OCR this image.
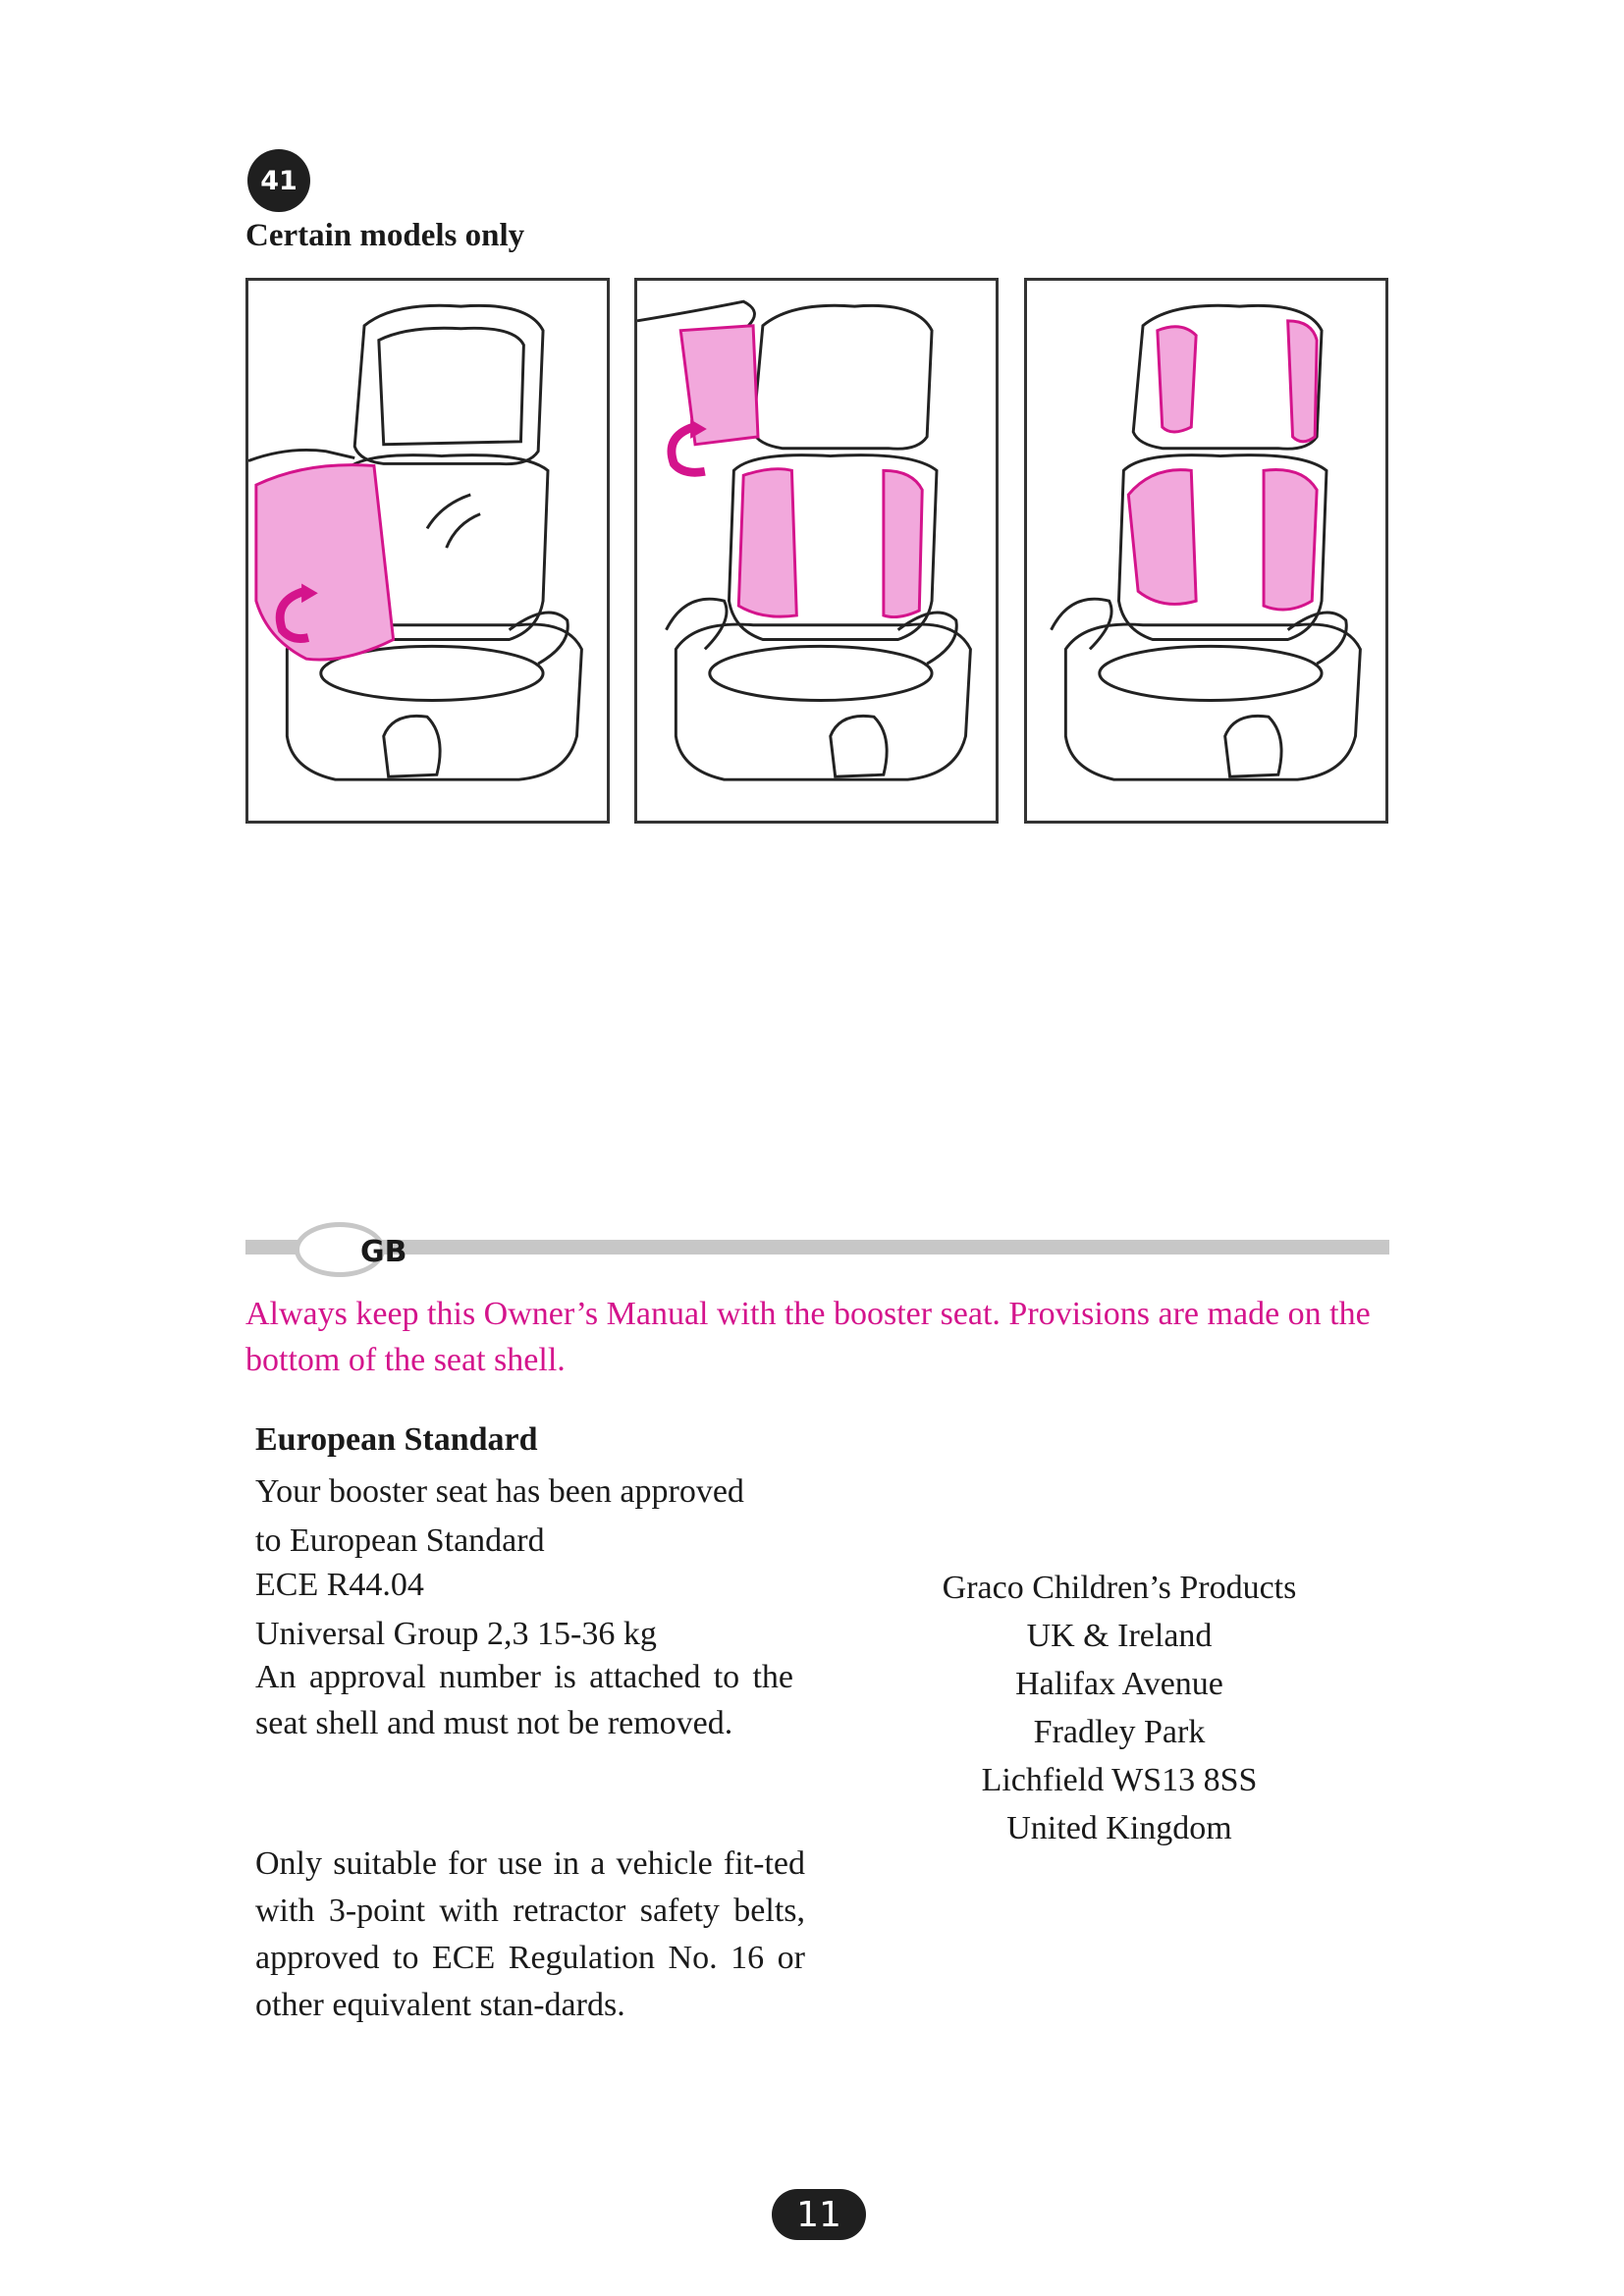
41
Certain models only
GB
Always keep this Owner’s Manual with the booster seat. Provisions are made on the bottom of the seat shell.
European Standard
Your booster seat has been approved
to European Standard
ECE R44.04
Universal Group 2,3 15-36 kg
An approval number is attached to the seat shell and must not be removed.
Only suitable for use in a vehicle fit-ted with 3-point with retractor safety belts, approved to ECE Regulation No. 16 or other equivalent stan-dards.
Graco Children’s Products
UK & Ireland
Halifax Avenue
Fradley Park
Lichfield WS13 8SS
United Kingdom
11
